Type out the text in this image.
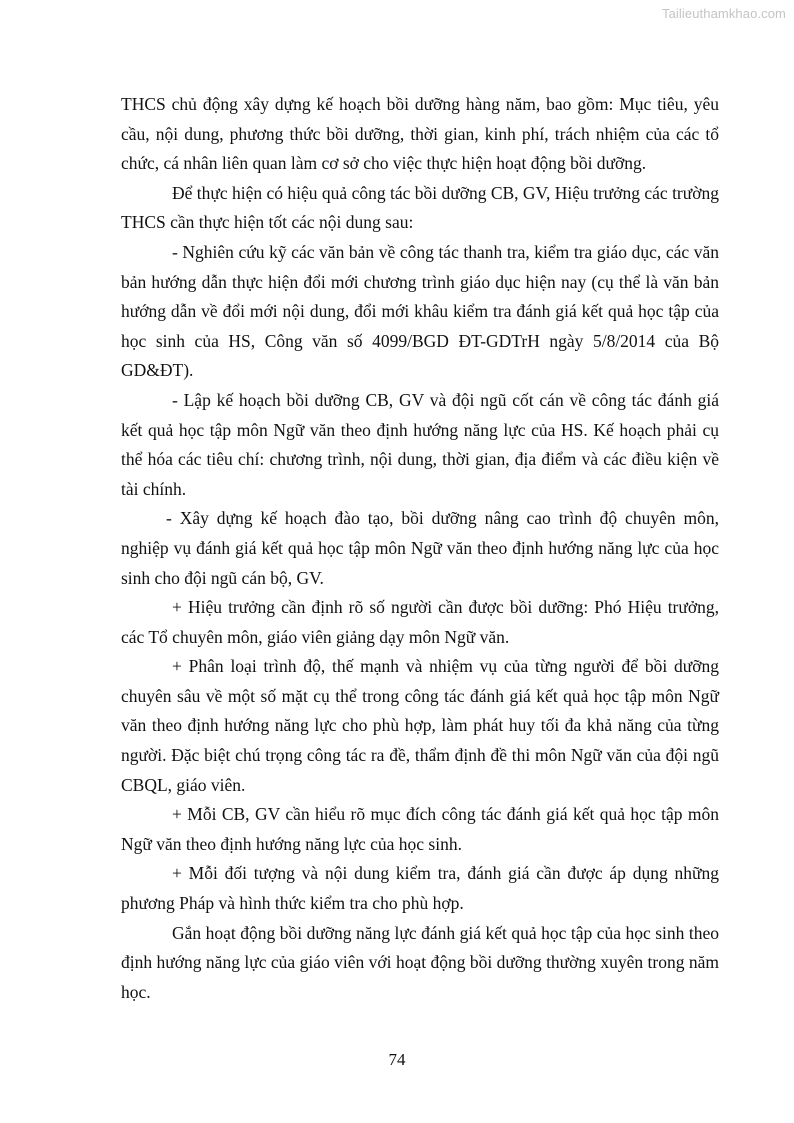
Tailieuthamkhao.com

THCS chủ động xây dựng kế hoạch bồi dưỡng hàng năm, bao gồm: Mục tiêu, yêu cầu, nội dung, phương thức bồi dưỡng, thời gian, kinh phí, trách nhiệm của các tổ chức, cá nhân liên quan làm cơ sở cho việc thực hiện hoạt động bồi dưỡng.

Để thực hiện có hiệu quả công tác bồi dưỡng CB, GV, Hiệu trưởng các trường THCS cần thực hiện tốt các nội dung sau:

- Nghiên cứu kỹ các văn bản về công tác thanh tra, kiểm tra giáo dục, các văn bản hướng dẫn thực hiện đổi mới chương trình giáo dục hiện nay (cụ thể là văn bản hướng dẫn về đổi mới nội dung, đổi mới khâu kiểm tra đánh giá kết quả học tập của học sinh của HS, Công văn số 4099/BGD ĐT-GDTrH ngày 5/8/2014 của Bộ GD&ĐT).

- Lập kế hoạch bồi dưỡng CB, GV và đội ngũ cốt cán về công tác đánh giá kết quả học tập môn Ngữ văn theo định hướng năng lực của HS. Kế hoạch phải cụ thể hóa các tiêu chí: chương trình, nội dung, thời gian, địa điểm và các điều kiện về tài chính.

- Xây dựng kế hoạch đào tạo, bồi dưỡng nâng cao trình độ chuyên môn, nghiệp vụ đánh giá kết quả học tập môn Ngữ văn theo định hướng năng lực của học sinh cho đội ngũ cán bộ, GV.

+ Hiệu trưởng cần định rõ số người cần được bồi dưỡng: Phó Hiệu trưởng, các Tổ chuyên môn, giáo viên giảng dạy môn Ngữ văn.

+ Phân loại trình độ, thế mạnh và nhiệm vụ của từng người để bồi dưỡng chuyên sâu về một số mặt cụ thể trong công tác đánh giá kết quả học tập môn Ngữ văn theo định hướng năng lực cho phù hợp, làm phát huy tối đa khả năng của từng người. Đặc biệt chú trọng công tác ra đề, thẩm định đề thi môn Ngữ văn của đội ngũ CBQL, giáo viên.

+ Mỗi CB, GV cần hiểu rõ mục đích công tác đánh giá kết quả học tập môn Ngữ văn theo định hướng năng lực của học sinh.

+ Mỗi đối tượng và nội dung kiểm tra, đánh giá cần được áp dụng những phương Pháp và hình thức kiểm tra cho phù hợp.

Gắn hoạt động bồi dưỡng năng lực đánh giá kết quả học tập của học sinh theo định hướng năng lực của giáo viên với hoạt động bồi dưỡng thường xuyên trong năm học.

74
